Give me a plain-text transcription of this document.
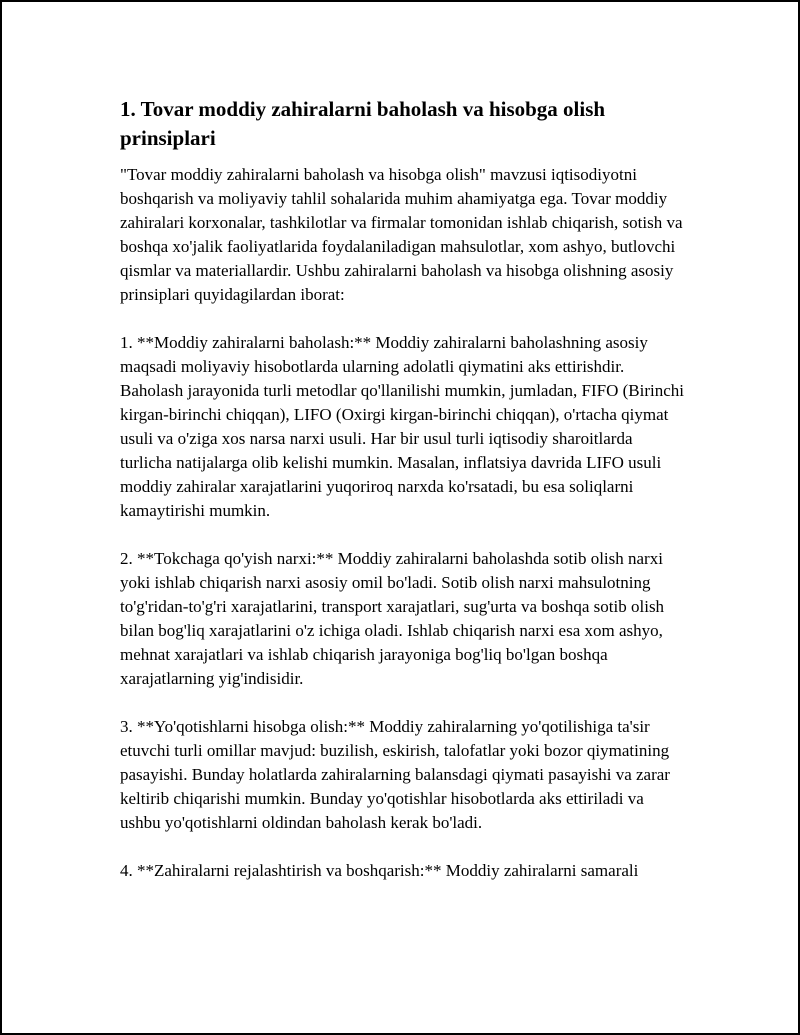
1. Tovar moddiy zahiralarni baholash va hisobga olish prinsiplari

"Tovar moddiy zahiralarni baholash va hisobga olish" mavzusi iqtisodiyotni boshqarish va moliyaviy tahlil sohalarida muhim ahamiyatga ega. Tovar moddiy zahiralari korxonalar, tashkilotlar va firmalar tomonidan ishlab chiqarish, sotish va boshqa xo'jalik faoliyatlarida foydalaniladigan mahsulotlar, xom ashyo, butlovchi qismlar va materiallardir. Ushbu zahiralarni baholash va hisobga olishning asosiy prinsiplari quyidagilardan iborat:

1. **Moddiy zahiralarni baholash:** Moddiy zahiralarni baholashning asosiy maqsadi moliyaviy hisobotlarda ularning adolatli qiymatini aks ettirishdir. Baholash jarayonida turli metodlar qo'llanilishi mumkin, jumladan, FIFO (Birinchi kirgan-birinchi chiqqan), LIFO (Oxirgi kirgan-birinchi chiqqan), o'rtacha qiymat usuli va o'ziga xos narsa narxi usuli. Har bir usul turli iqtisodiy sharoitlarda turlicha natijalarga olib kelishi mumkin. Masalan, inflatsiya davrida LIFO usuli moddiy zahiralar xarajatlarini yuqoriroq narxda ko'rsatadi, bu esa soliqlarni kamaytirishi mumkin.

2. **Tokchaga qo'yish narxi:** Moddiy zahiralarni baholashda sotib olish narxi yoki ishlab chiqarish narxi asosiy omil bo'ladi. Sotib olish narxi mahsulotning to'g'ridan-to'g'ri xarajatlarini, transport xarajatlari, sug'urta va boshqa sotib olish bilan bog'liq xarajatlarini o'z ichiga oladi. Ishlab chiqarish narxi esa xom ashyo, mehnat xarajatlari va ishlab chiqarish jarayoniga bog'liq bo'lgan boshqa xarajatlarning yig'indisidir.

3. **Yo'qotishlarni hisobga olish:** Moddiy zahiralarning yo'qotilishiga ta'sir etuvchi turli omillar mavjud: buzilish, eskirish, talofatlar yoki bozor qiymatining pasayishi. Bunday holatlarda zahiralarning balansdagi qiymati pasayishi va zarar keltirib chiqarishi mumkin. Bunday yo'qotishlar hisobotlarda aks ettiriladi va ushbu yo'qotishlarni oldindan baholash kerak bo'ladi.

4. **Zahiralarni rejalashtirish va boshqarish:** Moddiy zahiralarni samarali
